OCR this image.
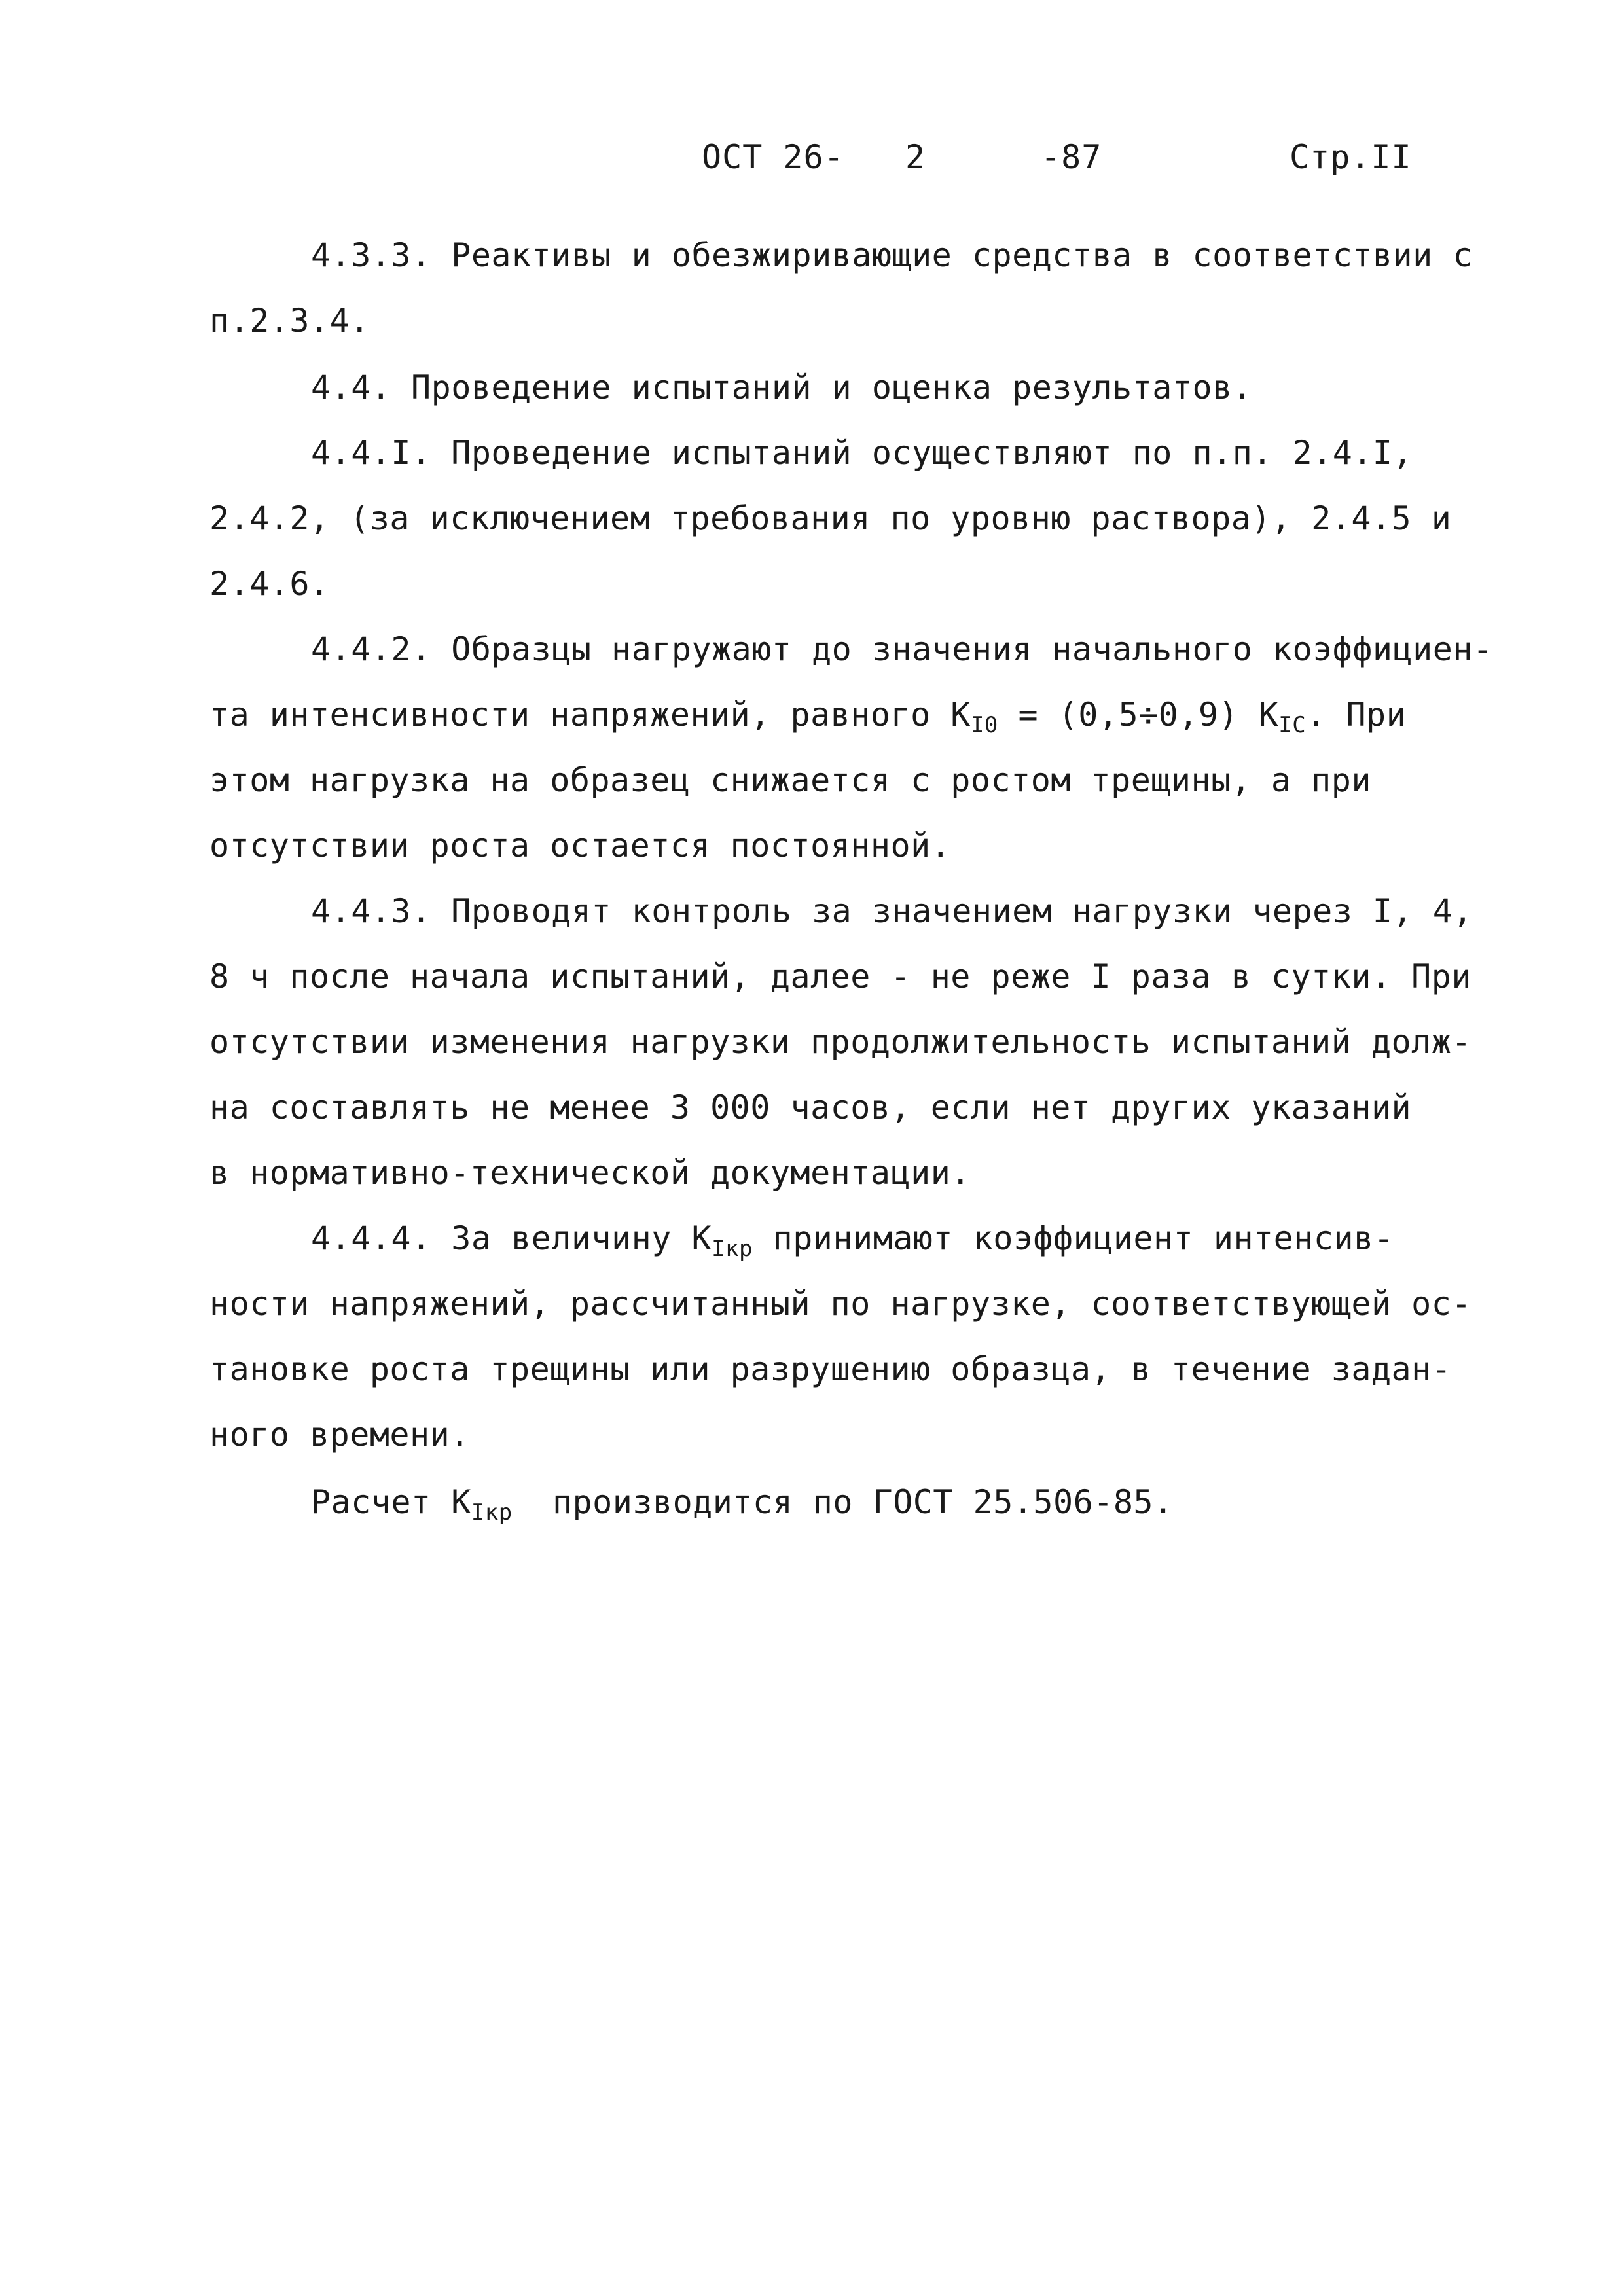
ОСТ 26- 2	-87	Стр.II
4.3.3. Реактивы и обезжиривающие средства в соответствии с
п.2.3.4.
4.4. Проведение испытаний и оценка результатов.
4.4.I. Проведение испытаний осуществляют по п.п. 2.4.I,
2.4.2, (за исключением требования по уровню раствора), 2.4.5 и
2.4.6.
4.4.2. Образцы нагружают до значения начального коэффициен-
та интенсивности напряжений, равного $K_{I0} = (0,5\div 0,9)$ $K_{IC}$. При
этом нагрузка на образец снижается с ростом трещины, а при
отсутствии роста остается постоянной.
4.4.3. Проводят контроль за значением нагрузки через I, 4,
8 ч после начала испытаний, далее - не реже I раза в сутки. При
отсутствии изменения нагрузки продолжительность испытаний долж-
на составлять не менее 3 000 часов, если нет других указаний
в нормативно-технической документации.
4.4.4. За величину $K_{Iкр}$ принимают коэффициент интенсив-
ности напряжений, рассчитанный по нагрузке, соответствующей ос-
тановке роста трещины или разрушению образца, в течение задан-
ного времени.
Расчет $K_{Iкр}$  производится по ГОСТ 25.506-85.
